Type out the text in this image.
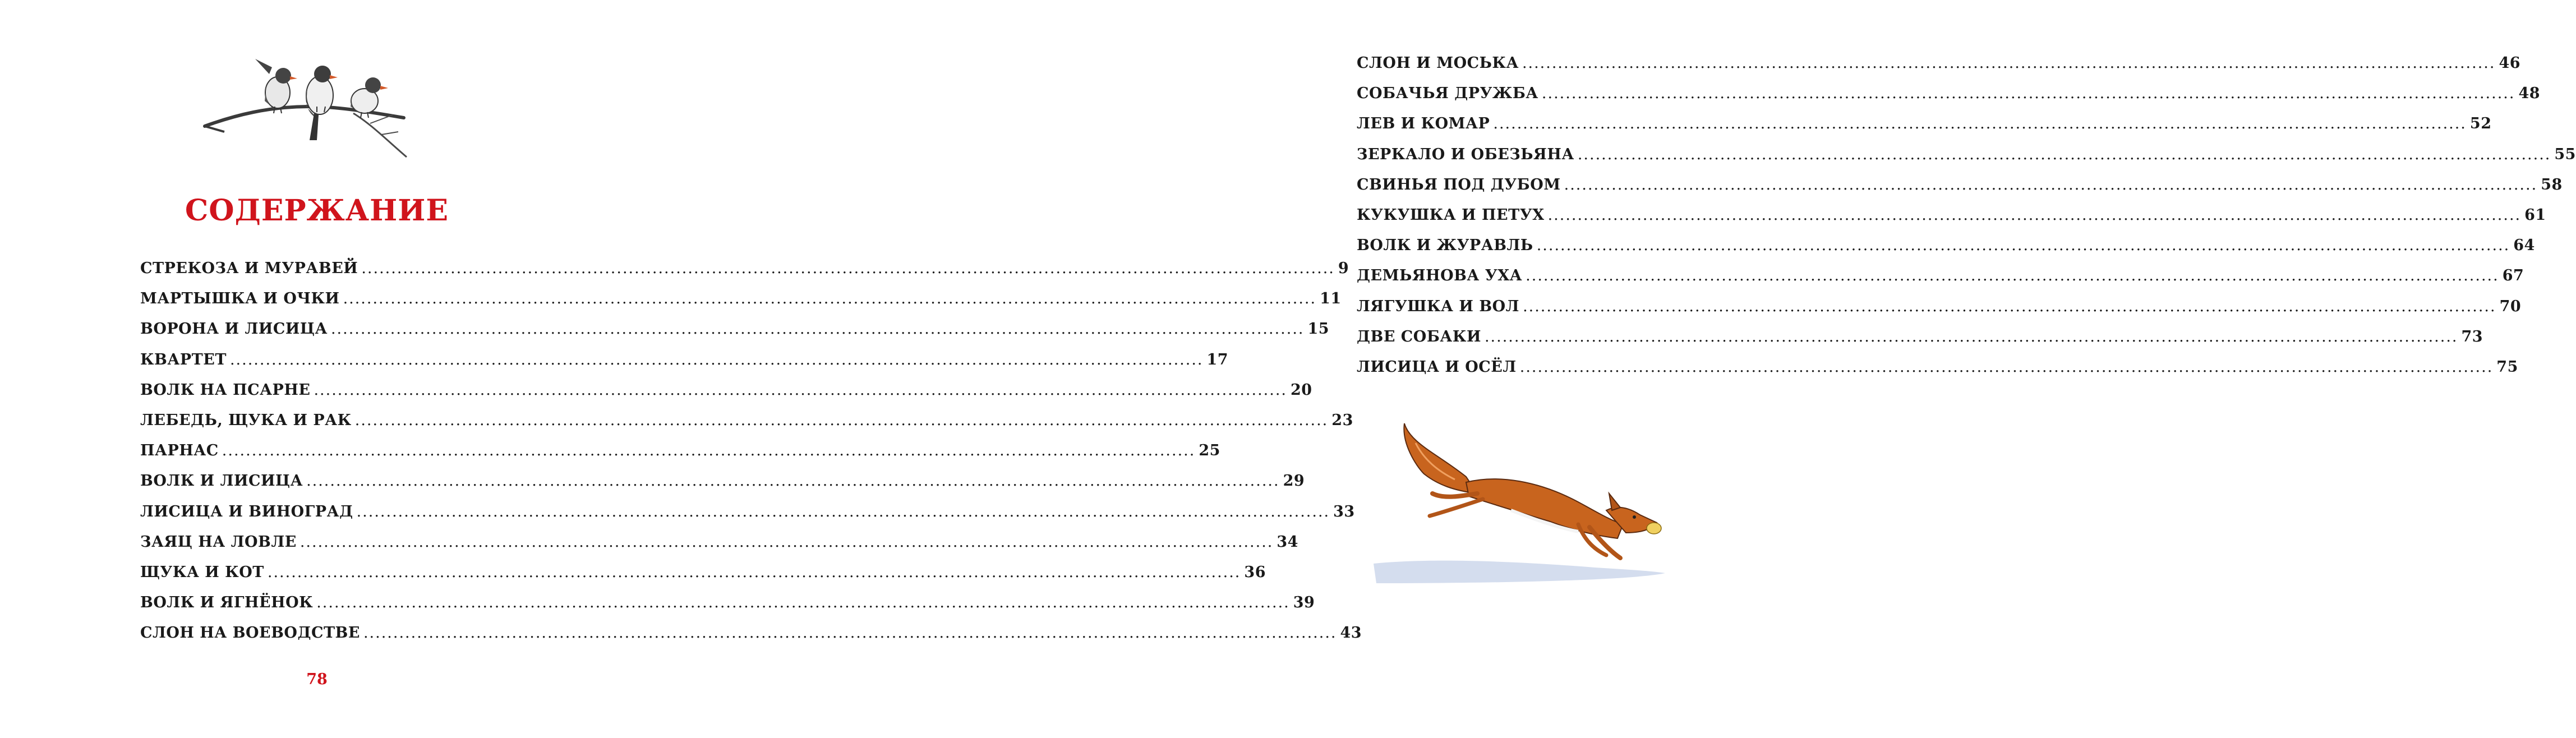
СОДЕРЖАНИЕ
СТРЕКОЗА И МУРАВЕЙ .....	9
МАРТЫШКА И ОЧКИ .....	11
ВОРОНА И ЛИСИЦА .....	15
КВАРТЕТ .....	17
ВОЛК НА ПСАРНЕ .....	20
ЛЕБЕДЬ, ЩУКА И РАК .....	23
ПАРНАС .....	25
ВОЛК И ЛИСИЦА .....	29
ЛИСИЦА И ВИНОГРАД .....	33
ЗАЯЦ НА ЛОВЛЕ .....	34
ЩУКА И КОТ .....	36
ВОЛК И ЯГНЁНОК .....	39
СЛОН НА ВОЕВОДСТВЕ .....	43
78
СЛОН И МОСЬКА .....	46
СОБАЧЬЯ ДРУЖБА .....	48
ЛЕВ И КОМАР .....	52
ЗЕРКАЛО И ОБЕЗЬЯНА .....	55
СВИНЬЯ ПОД ДУБОМ .....	58
КУКУШКА И ПЕТУХ .....	61
ВОЛК И ЖУРАВЛЬ .....	64
ДЕМЬЯНОВА УХА .....	67
ЛЯГУШКА И ВОЛ .....	70
ДВЕ СОБАКИ .....	73
ЛИСИЦА И ОСЁЛ .....	75
